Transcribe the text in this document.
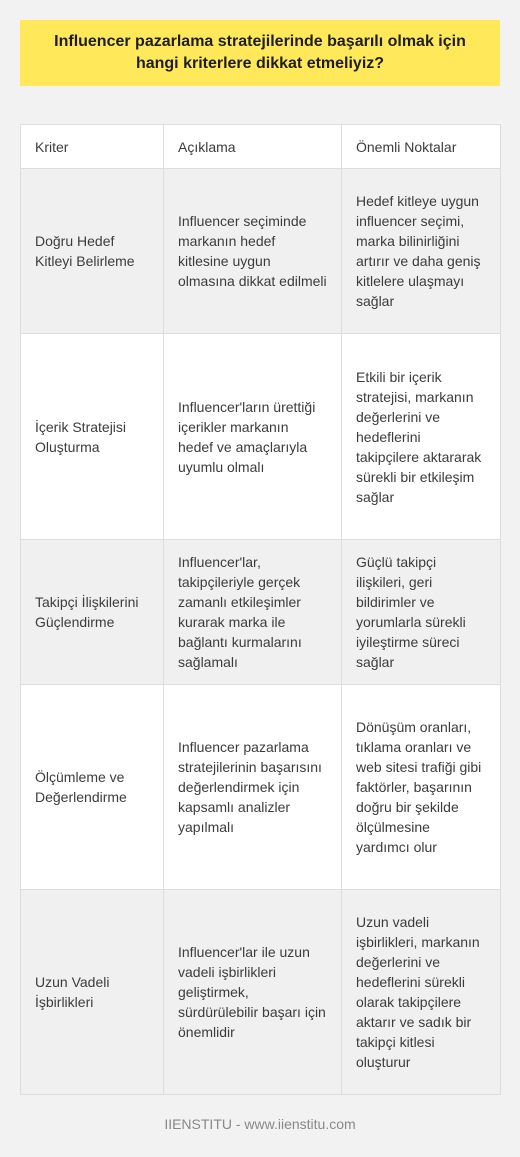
Influencer pazarlama stratejilerinde başarılı olmak için hangi kriterlere dikkat etmeliyiz?
Kriter	Açıklama	Önemli Noktalar
Doğru Hedef Kitleyi Belirleme	Influencer seçiminde markanın hedef kitlesine uygun olmasına dikkat edilmeli	Hedef kitleye uygun influencer seçimi, marka bilinirliğini artırır ve daha geniş kitlelere ulaşmayı sağlar
İçerik Stratejisi Oluşturma	Influencer'ların ürettiği içerikler markanın hedef ve amaçlarıyla uyumlu olmalı	Etkili bir içerik stratejisi, markanın değerlerini ve hedeflerini takipçilere aktararak sürekli bir etkileşim sağlar
Takipçi İlişkilerini Güçlendirme	Influencer'lar, takipçileriyle gerçek zamanlı etkileşimler kurarak marka ile bağlantı kurmalarını sağlamalı	Güçlü takipçi ilişkileri, geri bildirimler ve yorumlarla sürekli iyileştirme süreci sağlar
Ölçümleme ve Değerlendirme	Influencer pazarlama stratejilerinin başarısını değerlendirmek için kapsamlı analizler yapılmalı	Dönüşüm oranları, tıklama oranları ve web sitesi trafiği gibi faktörler, başarının doğru bir şekilde ölçülmesine yardımcı olur
Uzun Vadeli İşbirlikleri	Influencer'lar ile uzun vadeli işbirlikleri geliştirmek, sürdürülebilir başarı için önemlidir	Uzun vadeli işbirlikleri, markanın değerlerini ve hedeflerini sürekli olarak takipçilere aktarır ve sadık bir takipçi kitlesi oluşturur
IIENSTITU - www.iienstitu.com
